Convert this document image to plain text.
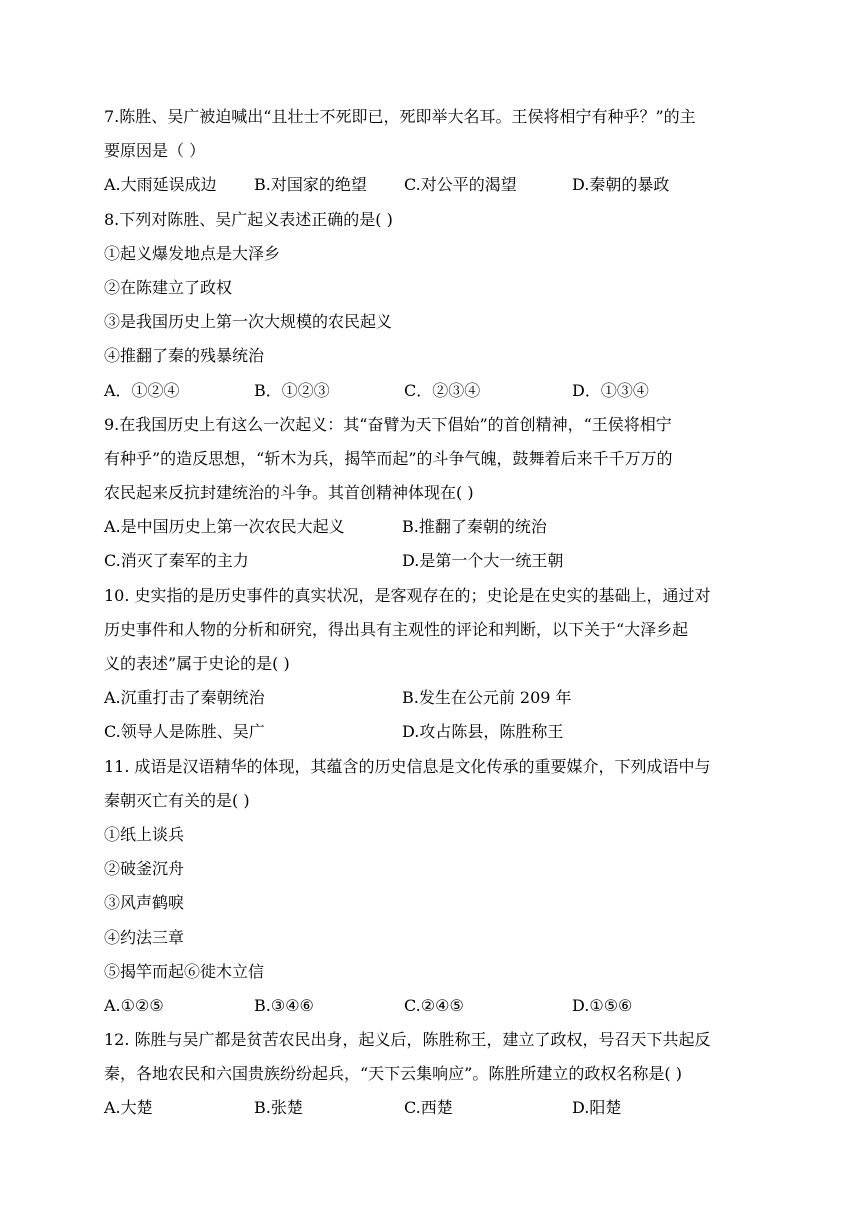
7.陈胜、吴广被迫喊出“且壮士不死即已，死即举大名耳。王侯将相宁有种乎？”的主
要原因是（ ）
A.大雨延误成边	B.对国家的绝望	C.对公平的渴望	D.秦朝的暴政
8.下列对陈胜、吴广起义表述正确的是( )
①起义爆发地点是大泽乡
②在陈建立了政权
③是我国历史上第一次大规模的农民起义
④推翻了秦的残暴统治
A．①②④	B．①②③	C．②③④	D．①③④
9.在我国历史上有这么一次起义：其“奋臂为天下倡始”的首创精神，“王侯将相宁
有种乎”的造反思想，“斩木为兵，揭竿而起”的斗争气魄，鼓舞着后来千千万万的
农民起来反抗封建统治的斗争。其首创精神体现在( )
A.是中国历史上第一次农民大起义	B.推翻了秦朝的统治
C.消灭了秦军的主力	D.是第一个大一统王朝
10. 史实指的是历史事件的真实状况，是客观存在的；史论是在史实的基础上，通过对
历史事件和人物的分析和研究，得出具有主观性的评论和判断，以下关于“大泽乡起
义的表述”属于史论的是( )
A.沉重打击了秦朝统治	B.发生在公元前 209 年
C.领导人是陈胜、吴广	D.攻占陈县，陈胜称王
11. 成语是汉语精华的体现，其蕴含的历史信息是文化传承的重要媒介，下列成语中与
秦朝灭亡有关的是( )
①纸上谈兵
②破釜沉舟
③风声鹤唳
④约法三章
⑤揭竿而起⑥徙木立信
A.①②⑤	B.③④⑥	C.②④⑤	D.①⑤⑥
12. 陈胜与吴广都是贫苦农民出身，起义后，陈胜称王，建立了政权，号召天下共起反
秦，各地农民和六国贵族纷纷起兵，“天下云集响应”。陈胜所建立的政权名称是( )
A.大楚	B.张楚	C.西楚	D.阳楚
